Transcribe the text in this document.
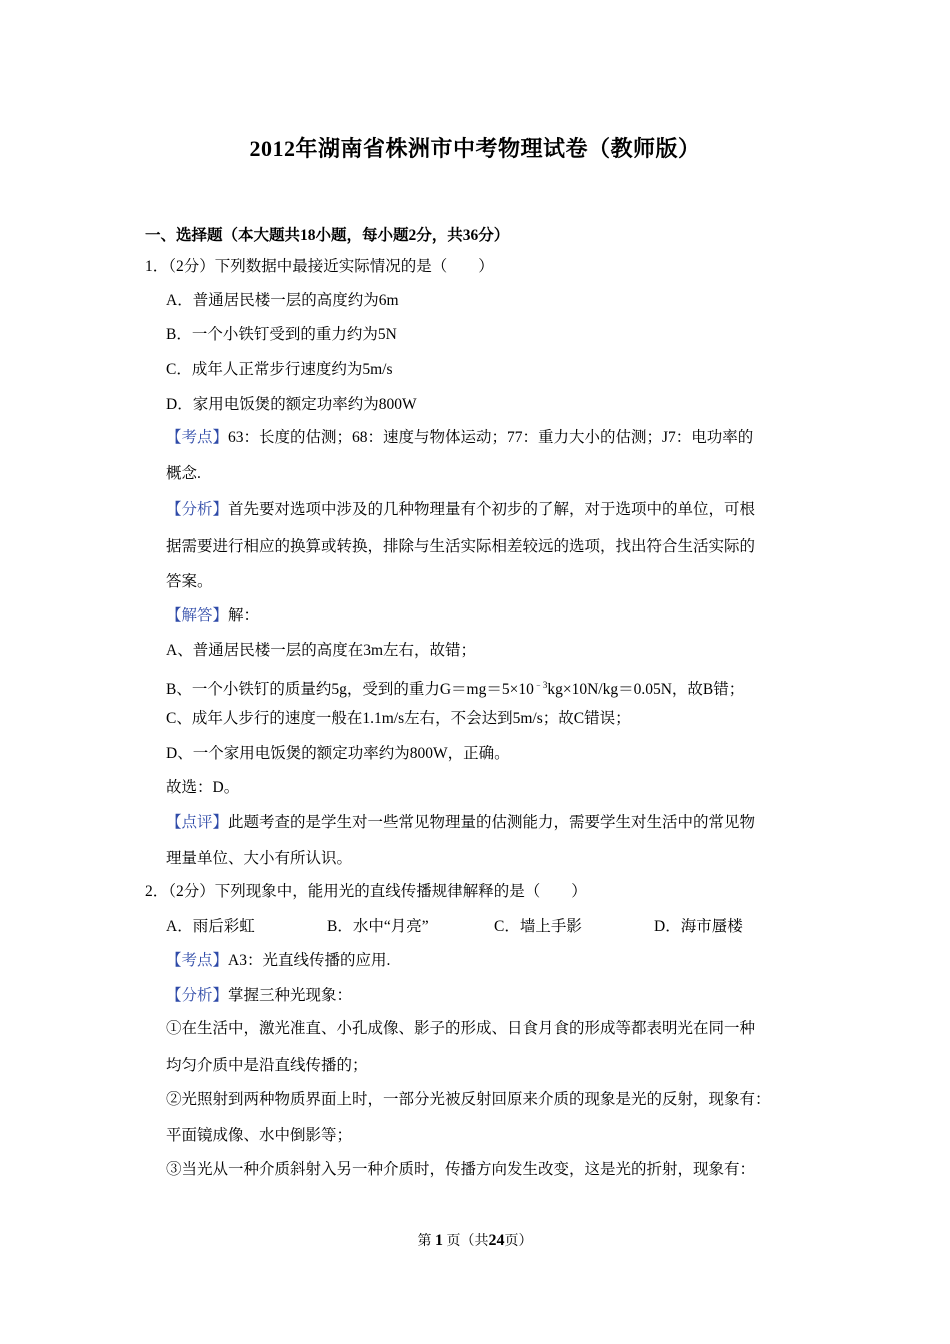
2012年湖南省株洲市中考物理试卷（教师版）
一、选择题（本大题共18小题，每小题2分，共36分）
1．（2分）下列数据中最接近实际情况的是（　　）
A．普通居民楼一层的高度约为6m
B．一个小铁钉受到的重力约为5N
C．成年人正常步行速度约为5m/s
D．家用电饭煲的额定功率约为800W
【考点】63：长度的估测；68：速度与物体运动；77：重力大小的估测；J7：电功率的
概念.
【分析】首先要对选项中涉及的几种物理量有个初步的了解，对于选项中的单位，可根
据需要进行相应的换算或转换，排除与生活实际相差较远的选项，找出符合生活实际的
答案。
【解答】解：
A、普通居民楼一层的高度在3m左右，故错；
B、一个小铁钉的质量约5g，受到的重力$G=mg=5\times 10^{﹣3}kg\times 10N/kg=0.05N$，故B错；
C、成年人步行的速度一般在1.1m/s左右，不会达到5m/s；故C错误；
D、一个家用电饭煲的额定功率约为800W，正确。
故选：D。
【点评】此题考查的是学生对一些常见物理量的估测能力，需要学生对生活中的常见物
理量单位、大小有所认识。
2．（2分）下列现象中，能用光的直线传播规律解释的是（　　）
A．雨后彩虹	B．水中“月亮”	C．墙上手影	D．海市蜃楼
【考点】A3：光直线传播的应用.
【分析】掌握三种光现象：
①在生活中，激光准直、小孔成像、影子的形成、日食月食的形成等都表明光在同一种
均匀介质中是沿直线传播的；
②光照射到两种物质界面上时，一部分光被反射回原来介质的现象是光的反射，现象有：
平面镜成像、水中倒影等；
③当光从一种介质斜射入另一种介质时，传播方向发生改变，这是光的折射，现象有：
第 1 页（共24页）
